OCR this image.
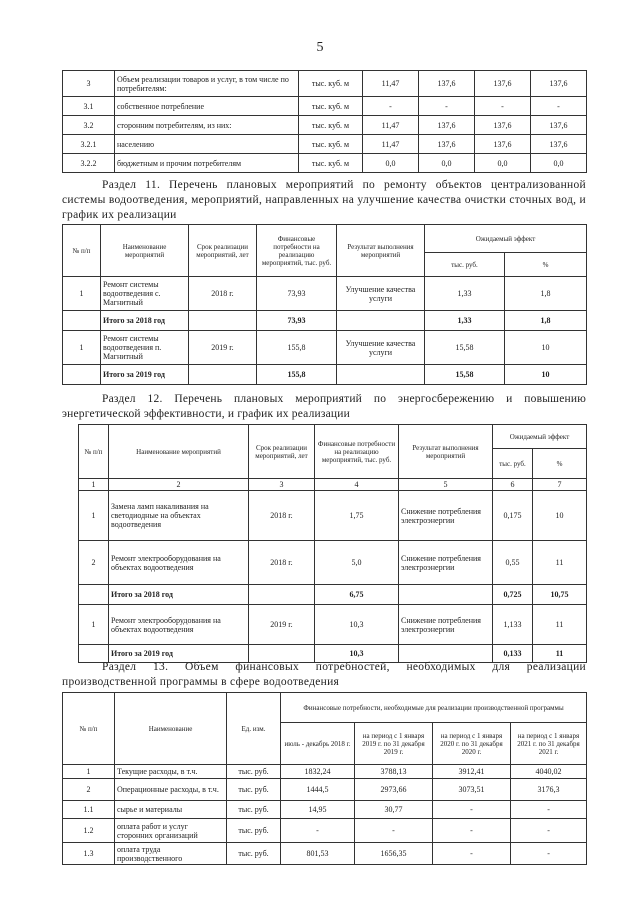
5
3	Объем реализации товаров и услуг, в том числе по потребителям:	тыс. куб. м	11,47	137,6	137,6	137,6
3.1	собственное потребление	тыс. куб. м	-	-	-	-
3.2	сторонним потребителям, из них:	тыс. куб. м	11,47	137,6	137,6	137,6
3.2.1	населению	тыс. куб. м	11,47	137,6	137,6	137,6
3.2.2	бюджетным и прочим потребителям	тыс. куб. м	0,0	0,0	0,0	0,0
Раздел 11. Перечень плановых мероприятий по ремонту объектов централизованной системы водоотведения, мероприятий, направленных на улучшение качества очистки сточных вод, и график их реализации
№ п/п	Наименование мероприятий	Срок реализации мероприятий, лет	Финансовые потребности на реализацию мероприятий, тыс. руб.	Результат выполнения мероприятий	Ожидаемый эффект	
					тыс. руб.	%
1	Ремонт системы водоотведения с. Магнитный	2018 г.	73,93	Улучшение качества услуги	1,33	1,8
	Итого за 2018 год		73,93		1,33	1,8
1	Ремонт системы водоотведения п. Магнитный	2019 г.	155,8	Улучшение качества услуги	15,58	10
	Итого за 2019 год		155,8		15,58	10
Раздел 12. Перечень плановых мероприятий по энергосбережению и повышению энергетической эффективности, и график их реализации
№ п/п	Наименование мероприятий	Срок реализации мероприятий, лет	Финансовые потребности на реализацию мероприятий, тыс. руб.	Результат выполнения мероприятий	Ожидаемый эффект	
					тыс. руб.	%
1	2	3	4	5	6	7
1	Замена ламп накаливания на светодиодные на объектах водоотведения	2018 г.	1,75	Снижение потребления электроэнергии	0,175	10
2	Ремонт электрооборудования на объектах водоотведения	2018 г.	5,0	Снижение потребления электроэнергии	0,55	11
	Итого за 2018 год		6,75		0,725	10,75
1	Ремонт электрооборудования на объектах водоотведения	2019 г.	10,3	Снижение потребления электроэнергии	1,133	11
	Итого за 2019 год		10,3		0,133	11
Раздел 13. Объем финансовых потребностей, необходимых для реализации производственной программы в сфере водоотведения
№ п/п	Наименование	Ед. изм.	Финансовые потребности, необходимые для реализации производственной программы			
			июль - декабрь 2018 г.	на период с 1 января 2019 г. по 31 декабря 2019 г.	на период с 1 января 2020 г. по 31 декабря 2020 г.	на период с 1 января 2021 г. по 31 декабря 2021 г.
1	Текущие расходы, в т.ч.	тыс. руб.	1832,24	3788,13	3912,41	4040,02
2	Операционные расходы, в т.ч.	тыс. руб.	1444,5	2973,66	3073,51	3176,3
1.1	сырье и материалы	тыс. руб.	14,95	30,77	-	-
1.2	оплата работ и услуг сторонних организаций	тыс. руб.	-	-	-	-
1.3	оплата труда производственного	тыс. руб.	801,53	1656,35	-	-
